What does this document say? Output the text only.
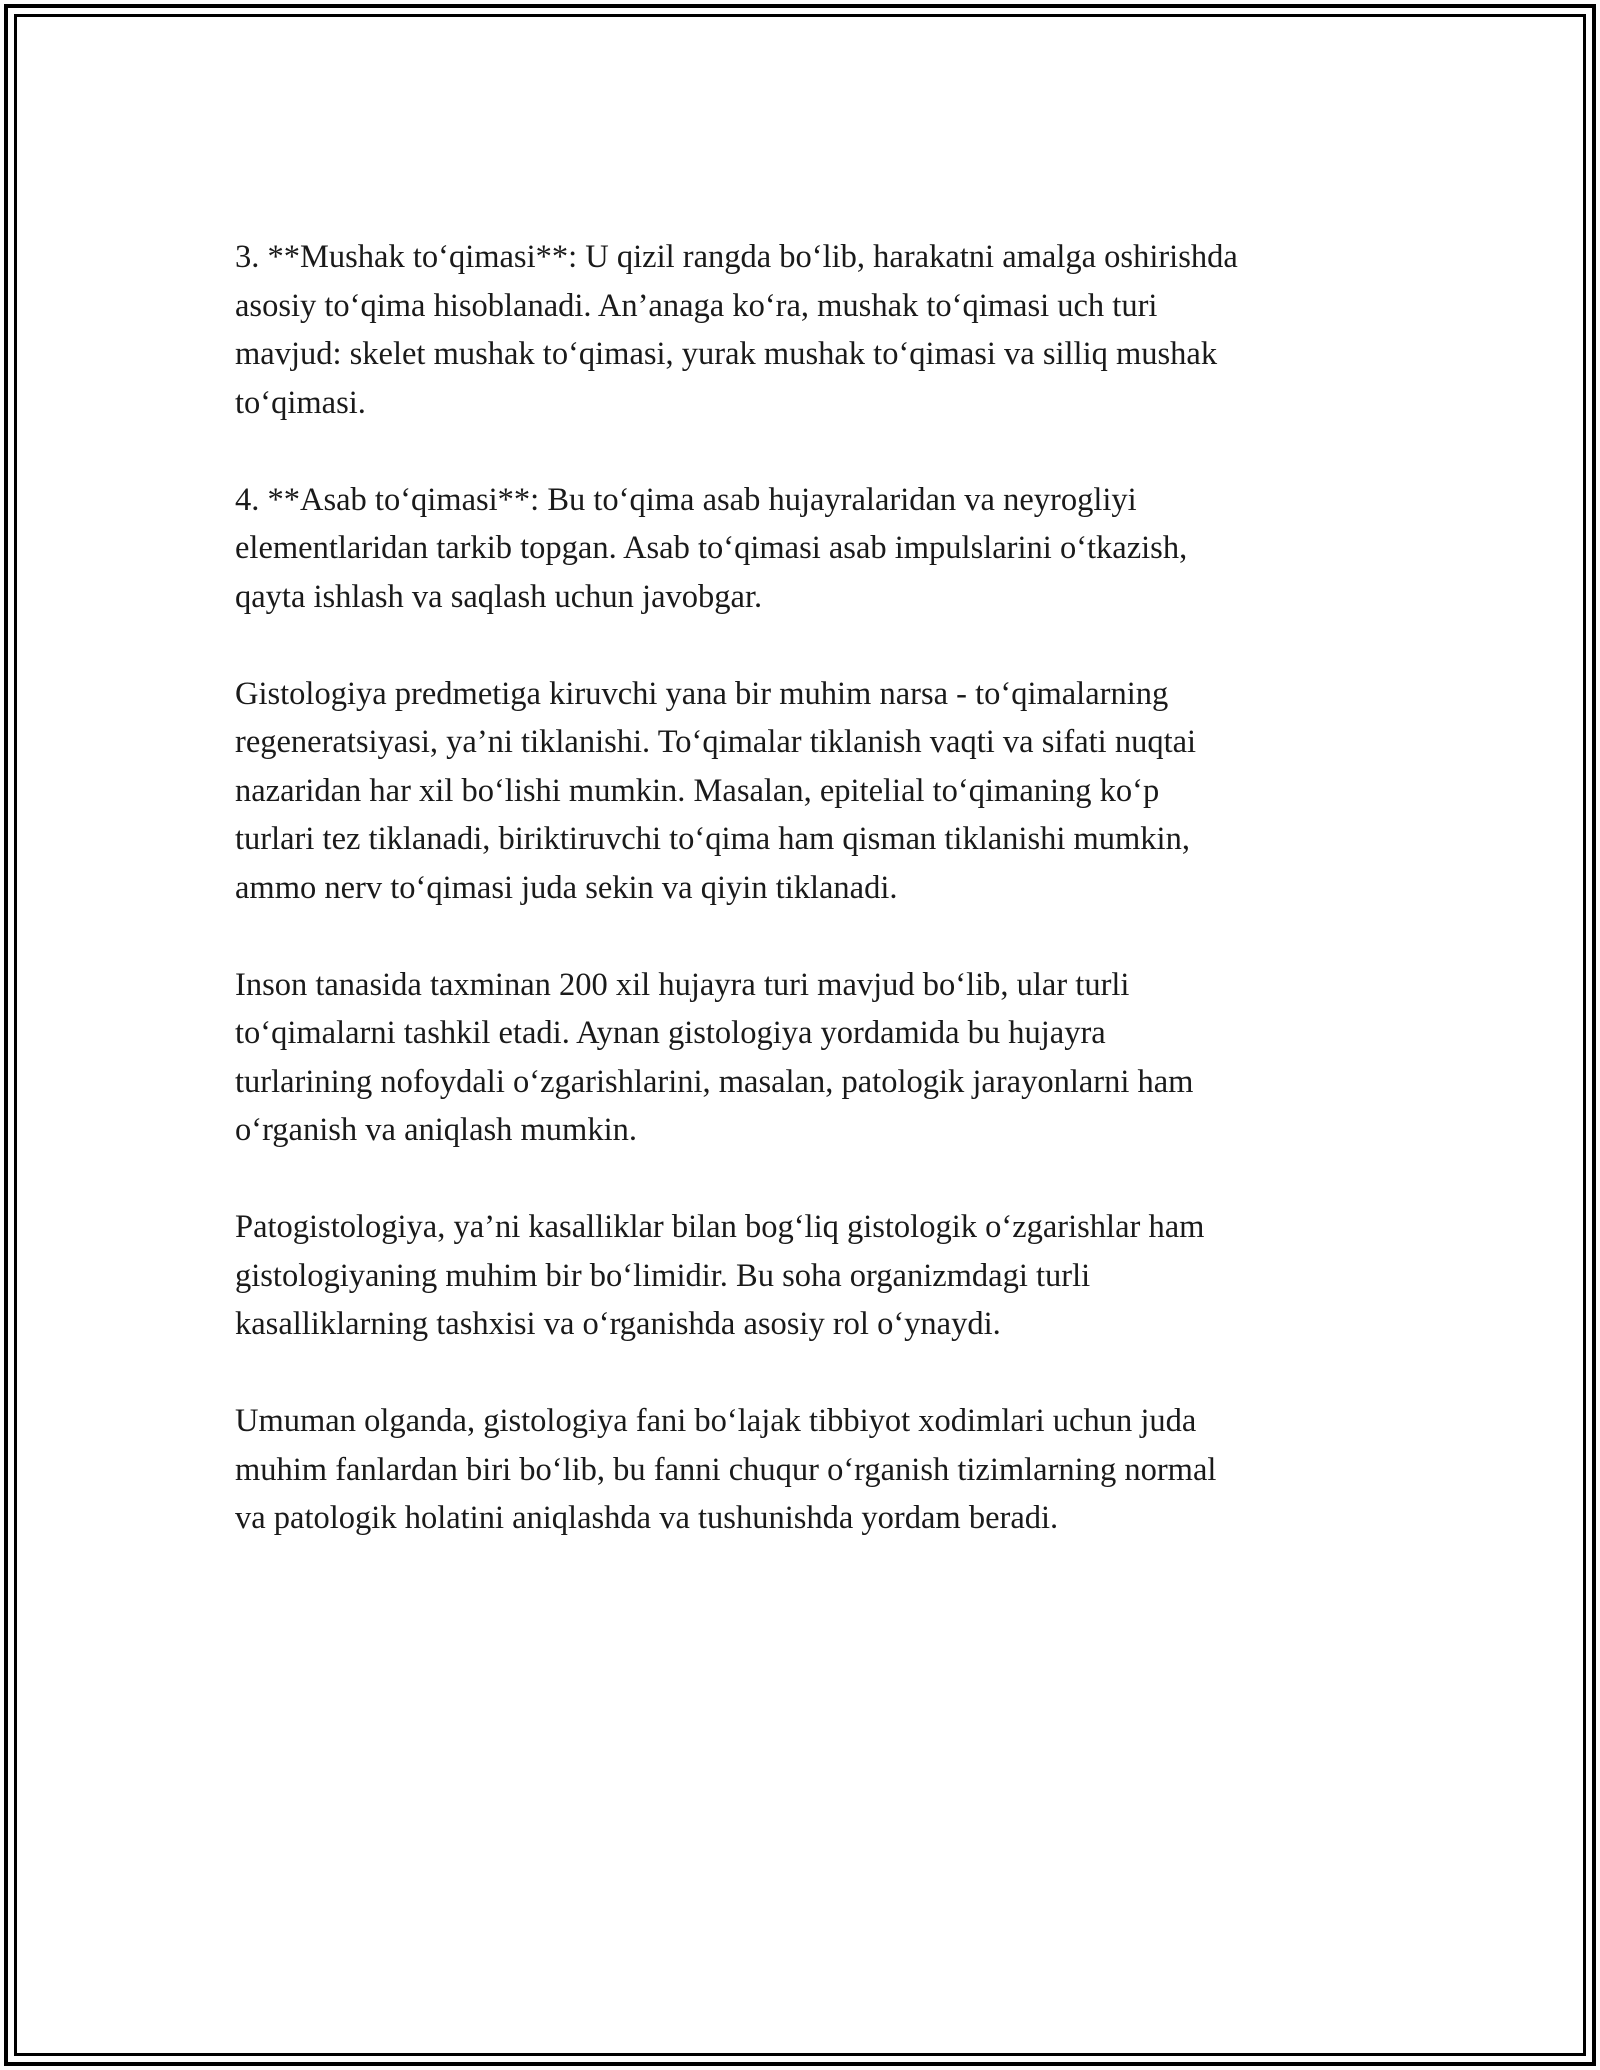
3. **Mushak to‘qimasi**: U qizil rangda bo‘lib, harakatni amalga oshirishda
asosiy to‘qima hisoblanadi. An’anaga ko‘ra, mushak to‘qimasi uch turi
mavjud: skelet mushak to‘qimasi, yurak mushak to‘qimasi va silliq mushak
to‘qimasi.

4. **Asab to‘qimasi**: Bu to‘qima asab hujayralaridan va neyrogliyi
elementlaridan tarkib topgan. Asab to‘qimasi asab impulslarini o‘tkazish,
qayta ishlash va saqlash uchun javobgar.

Gistologiya predmetiga kiruvchi yana bir muhim narsa - to‘qimalarning
regeneratsiyasi, ya’ni tiklanishi. To‘qimalar tiklanish vaqti va sifati nuqtai
nazaridan har xil bo‘lishi mumkin. Masalan, epitelial to‘qimaning ko‘p
turlari tez tiklanadi, biriktiruvchi to‘qima ham qisman tiklanishi mumkin,
ammo nerv to‘qimasi juda sekin va qiyin tiklanadi.

Inson tanasida taxminan 200 xil hujayra turi mavjud bo‘lib, ular turli
to‘qimalarni tashkil etadi. Aynan gistologiya yordamida bu hujayra
turlarining nofoydali o‘zgarishlarini, masalan, patologik jarayonlarni ham
o‘rganish va aniqlash mumkin.

Patogistologiya, ya’ni kasalliklar bilan bog‘liq gistologik o‘zgarishlar ham
gistologiyaning muhim bir bo‘limidir. Bu soha organizmdagi turli
kasalliklarning tashxisi va o‘rganishda asosiy rol o‘ynaydi.

Umuman olganda, gistologiya fani bo‘lajak tibbiyot xodimlari uchun juda
muhim fanlardan biri bo‘lib, bu fanni chuqur o‘rganish tizimlarning normal
va patologik holatini aniqlashda va tushunishda yordam beradi.
